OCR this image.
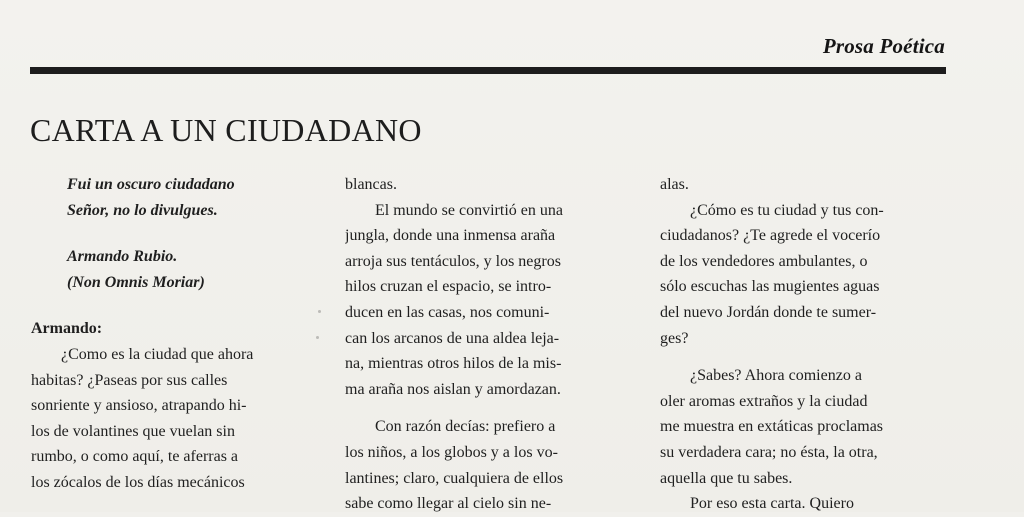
Prosa Poética
CARTA A UN CIUDADANO
Fui un oscuro ciudadano
Señor, no lo divulgues.
Armando Rubio.
(Non Omnis Moriar)
Armando:
¿Como es la ciudad que ahora
habitas? ¿Paseas por sus calles
sonriente y ansioso, atrapando hi-
los de volantines que vuelan sin
rumbo, o como aquí, te aferras a
los zócalos de los días mecánicos
blancas.
El mundo se convirtió en una
jungla, donde una inmensa araña
arroja sus tentáculos, y los negros
hilos cruzan el espacio, se intro-
ducen en las casas, nos comuni-
can los arcanos de una aldea leja-
na, mientras otros hilos de la mis-
ma araña nos aislan y amordazan.
Con razón decías: prefiero a
los niños, a los globos y a los vo-
lantines; claro, cualquiera de ellos
sabe como llegar al cielo sin ne-
alas.
¿Cómo es tu ciudad y tus con-
ciudadanos? ¿Te agrede el vocerío
de los vendedores ambulantes, o
sólo escuchas las mugientes aguas
del nuevo Jordán donde te sumer-
ges?
¿Sabes? Ahora comienzo a
oler aromas extraños y la ciudad
me muestra en extáticas proclamas
su verdadera cara; no ésta, la otra,
aquella que tu sabes.
Por eso esta carta. Quiero
